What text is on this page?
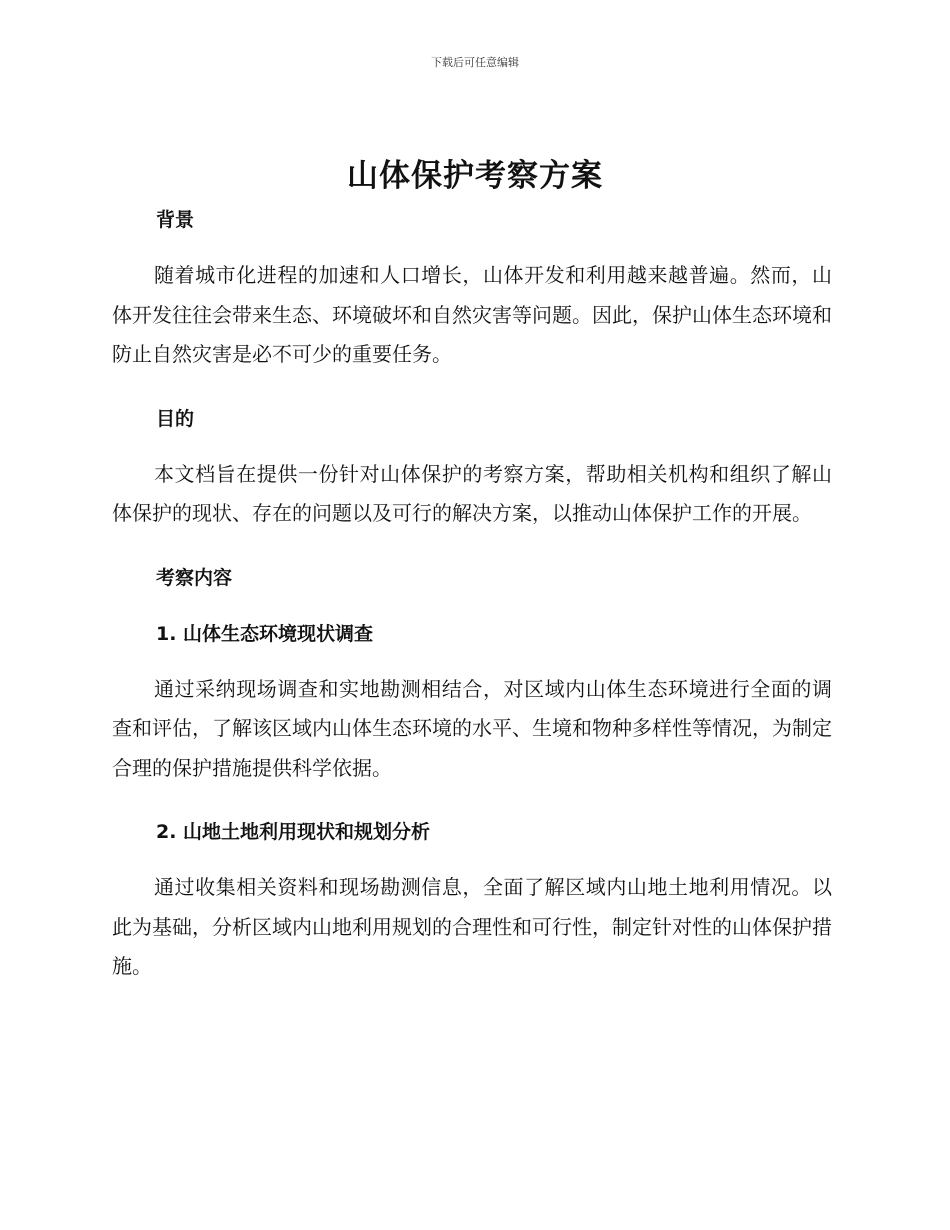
下载后可任意编辑
山体保护考察方案
背景

随着城市化进程的加速和人口增长，山体开发和利用越来越普遍。然而，山体开发往往会带来生态、环境破坏和自然灾害等问题。因此，保护山体生态环境和防止自然灾害是必不可少的重要任务。

目的

本文档旨在提供一份针对山体保护的考察方案，帮助相关机构和组织了解山体保护的现状、存在的问题以及可行的解决方案，以推动山体保护工作的开展。

考察内容
1. 山体生态环境现状调查

通过采纳现场调查和实地勘测相结合，对区域内山体生态环境进行全面的调查和评估，了解该区域内山体生态环境的水平、生境和物种多样性等情况，为制定合理的保护措施提供科学依据。

2. 山地土地利用现状和规划分析

通过收集相关资料和现场勘测信息，全面了解区域内山地土地利用情况。以此为基础，分析区域内山地利用规划的合理性和可行性，制定针对性的山体保护措施。
